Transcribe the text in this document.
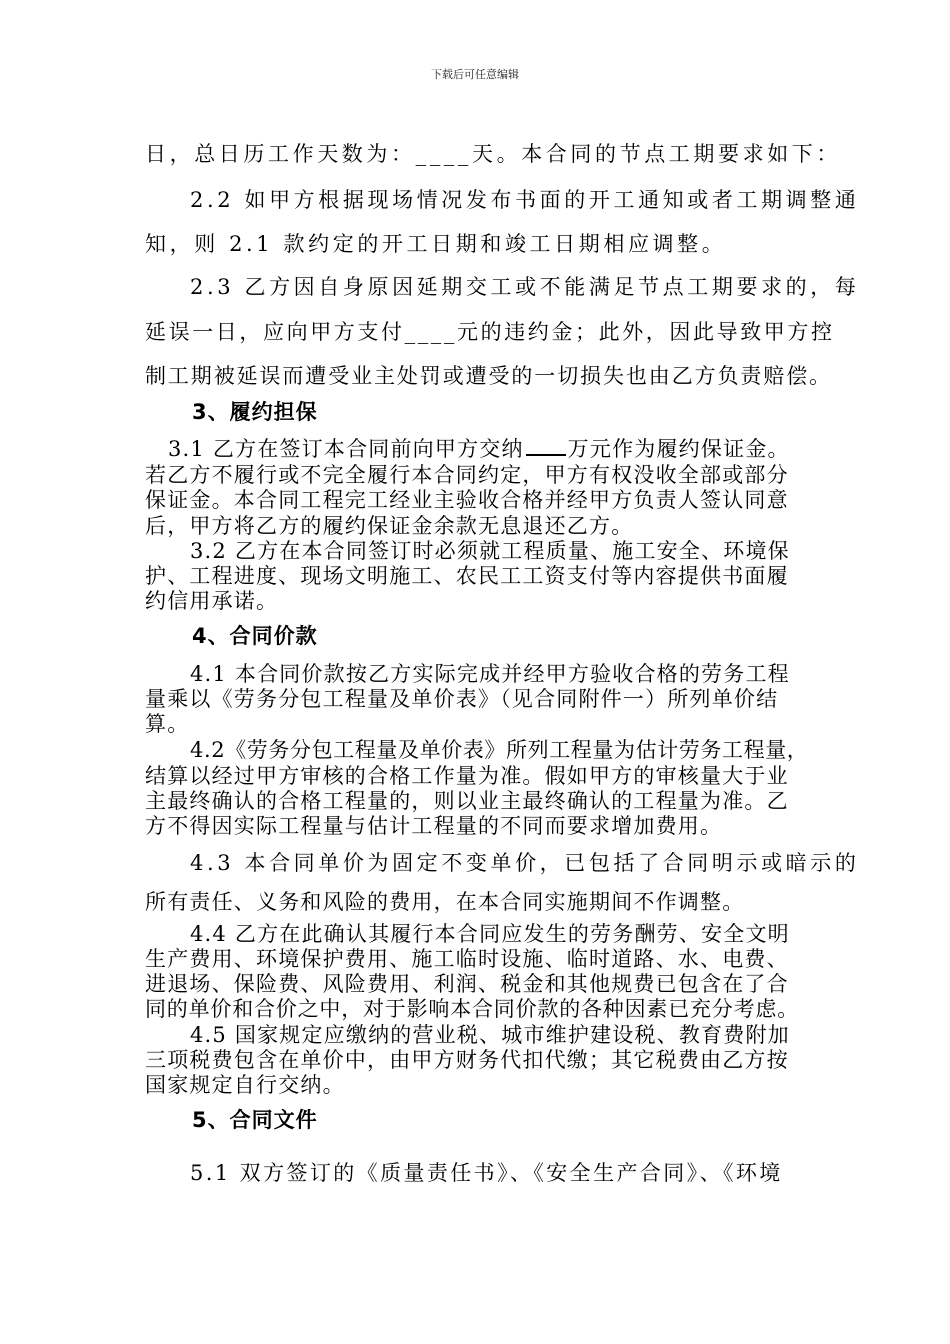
下载后可任意编辑
日，总日历工作天数为：____天。本合同的节点工期要求如下：
2.2 如甲方根据现场情况发布书面的开工通知或者工期调整通
知，则 2.1 款约定的开工日期和竣工日期相应调整。
2.3 乙方因自身原因延期交工或不能满足节点工期要求的，每
延误一日，应向甲方支付____元的违约金；此外，因此导致甲方控
制工期被延误而遭受业主处罚或遭受的一切损失也由乙方负责赔偿。
3、履约担保
3.1 乙方在签订本合同前向甲方交纳 万元作为履约保证金。
若乙方不履行或不完全履行本合同约定，甲方有权没收全部或部分
保证金。本合同工程完工经业主验收合格并经甲方负责人签认同意
后，甲方将乙方的履约保证金余款无息退还乙方。
3.2 乙方在本合同签订时必须就工程质量、施工安全、环境保
护、工程进度、现场文明施工、农民工工资支付等内容提供书面履
约信用承诺。
4、合同价款
4.1 本合同价款按乙方实际完成并经甲方验收合格的劳务工程
量乘以《劳务分包工程量及单价表》（见合同附件一）所列单价结
算。
4.2《劳务分包工程量及单价表》所列工程量为估计劳务工程量，
结算以经过甲方审核的合格工作量为准。假如甲方的审核量大于业
主最终确认的合格工程量的，则以业主最终确认的工程量为准。乙
方不得因实际工程量与估计工程量的不同而要求增加费用。
4.3 本合同单价为固定不变单价，已包括了合同明示或暗示的
所有责任、义务和风险的费用，在本合同实施期间不作调整。
4.4 乙方在此确认其履行本合同应发生的劳务酬劳、安全文明
生产费用、环境保护费用、施工临时设施、临时道路、水、电费、
进退场、保险费、风险费用、利润、税金和其他规费已包含在了合
同的单价和合价之中，对于影响本合同价款的各种因素已充分考虑。
4.5 国家规定应缴纳的营业税、城市维护建设税、教育费附加
三项税费包含在单价中，由甲方财务代扣代缴；其它税费由乙方按
国家规定自行交纳。
5、合同文件
5.1 双方签订的《质量责任书》、《安全生产合同》、《环境
